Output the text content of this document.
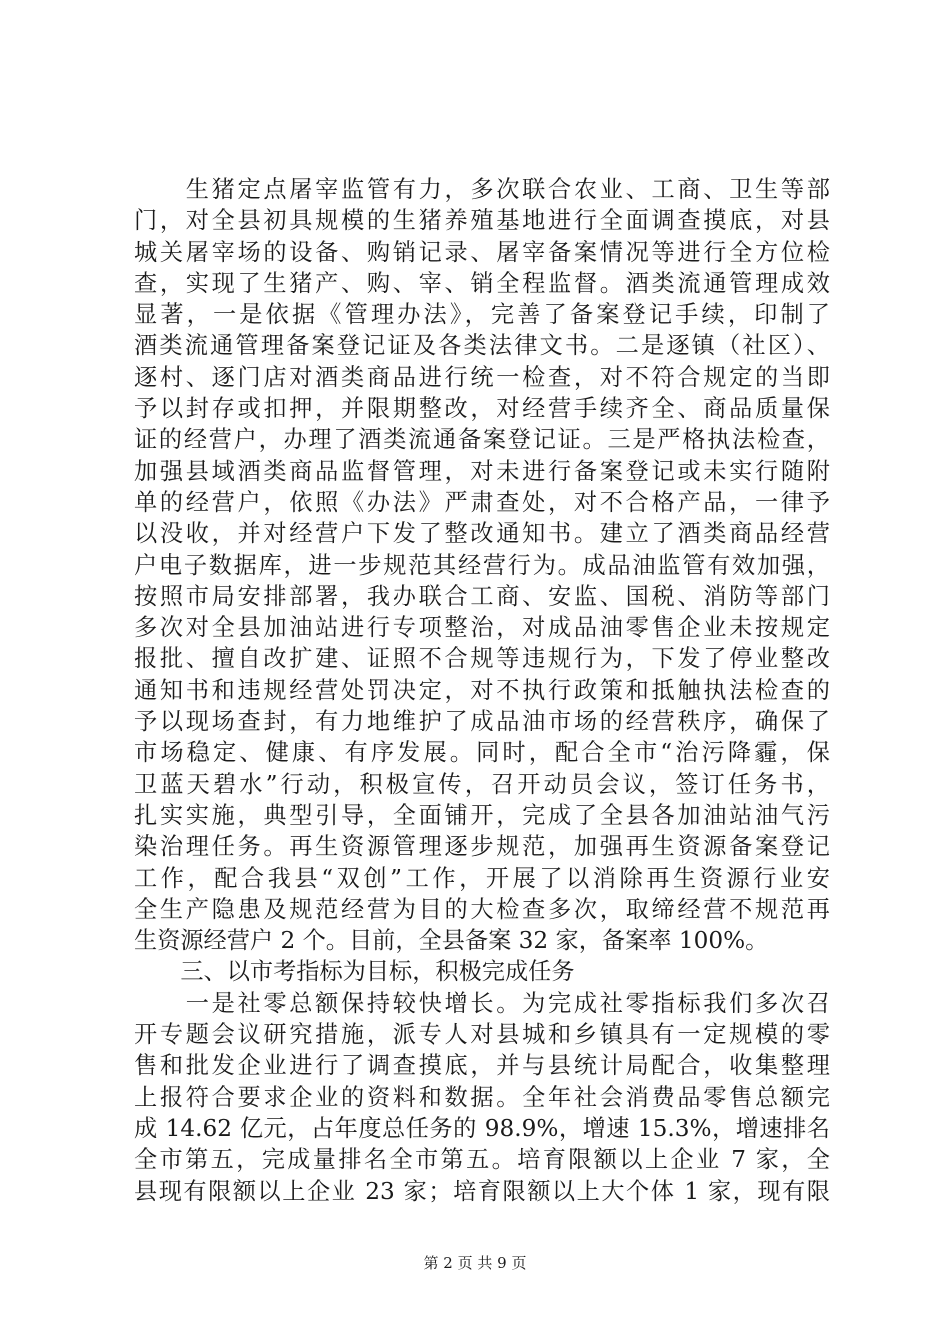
　　生猪定点屠宰监管有力，多次联合农业、工商、卫生等部
门，对全县初具规模的生猪养殖基地进行全面调查摸底，对县
城关屠宰场的设备、购销记录、屠宰备案情况等进行全方位检
查，实现了生猪产、购、宰、销全程监督。酒类流通管理成效
显著，一是依据《管理办法》，完善了备案登记手续，印制了
酒类流通管理备案登记证及各类法律文书。二是逐镇（社区）、
逐村、逐门店对酒类商品进行统一检查，对不符合规定的当即
予以封存或扣押，并限期整改，对经营手续齐全、商品质量保
证的经营户，办理了酒类流通备案登记证。三是严格执法检查，
加强县域酒类商品监督管理，对未进行备案登记或未实行随附
单的经营户，依照《办法》严肃查处，对不合格产品，一律予
以没收，并对经营户下发了整改通知书。建立了酒类商品经营
户电子数据库，进一步规范其经营行为。成品油监管有效加强，
按照市局安排部署，我办联合工商、安监、国税、消防等部门
多次对全县加油站进行专项整治，对成品油零售企业未按规定
报批、擅自改扩建、证照不合规等违规行为，下发了停业整改
通知书和违规经营处罚决定，对不执行政策和抵触执法检查的
予以现场查封，有力地维护了成品油市场的经营秩序，确保了
市场稳定、健康、有序发展。同时，配合全市“治污降霾，保
卫蓝天碧水”行动，积极宣传，召开动员会议，签订任务书，
扎实实施，典型引导，全面铺开，完成了全县各加油站油气污
染治理任务。再生资源管理逐步规范，加强再生资源备案登记
工作，配合我县“双创”工作，开展了以消除再生资源行业安
全生产隐患及规范经营为目的大检查多次，取缔经营不规范再
生资源经营户 2 个。目前，全县备案 32 家，备案率 100%。
　　三、以市考指标为目标，积极完成任务
　　一是社零总额保持较快增长。为完成社零指标我们多次召
开专题会议研究措施，派专人对县城和乡镇具有一定规模的零
售和批发企业进行了调查摸底，并与县统计局配合，收集整理
上报符合要求企业的资料和数据。全年社会消费品零售总额完
成 14.62 亿元，占年度总任务的 98.9%，增速 15.3%，增速排名
全市第五，完成量排名全市第五。培育限额以上企业 7 家，全
县现有限额以上企业 23 家；培育限额以上大个体 1 家，现有限
第 2 页 共 9 页
